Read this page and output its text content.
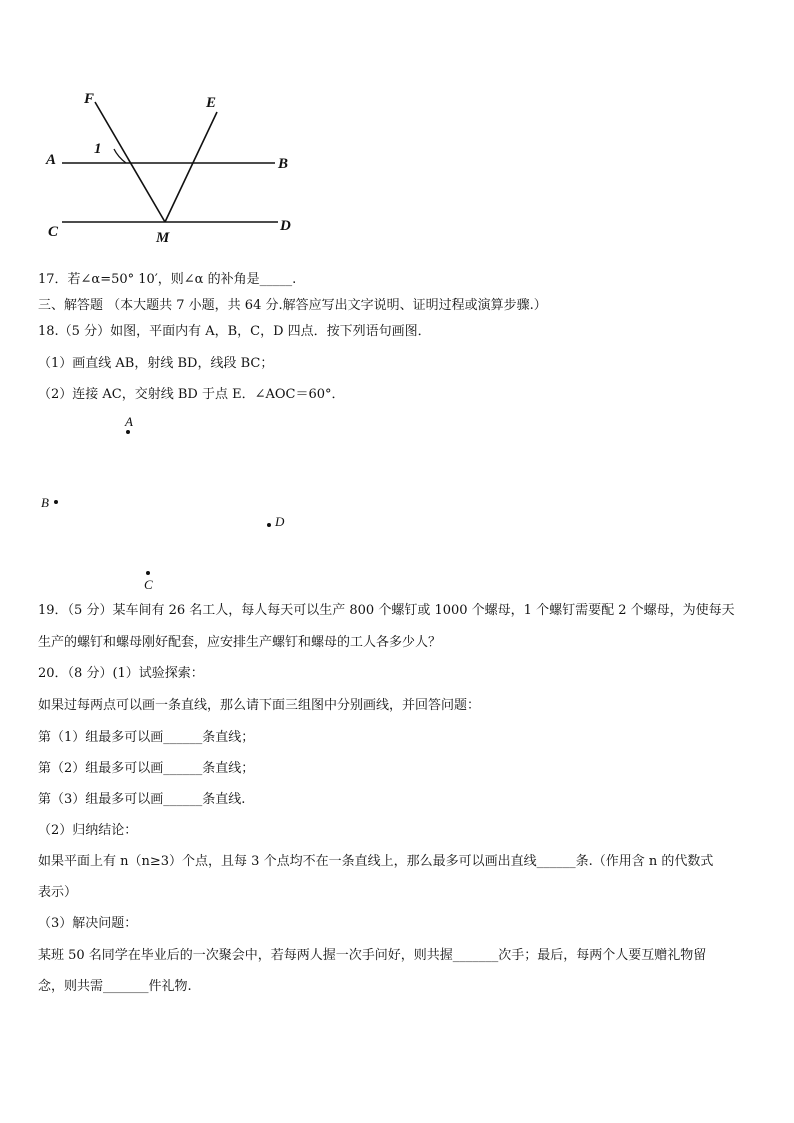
F	E
A	B
C	D
M
1
17．若∠α=50° 10′，则∠α 的补角是_____.
三、解答题 （本大题共 7 小题，共 64 分.解答应写出文字说明、证明过程或演算步骤.）
18.（5 分）如图，平面内有 A，B，C，D 四点．按下列语句画图．
（1）画直线 AB，射线 BD，线段 BC；
（2）连接 AC，交射线 BD 于点 E．∠AOC＝60°．
A
B
D
C
19．（5 分）某车间有 26 名工人，每人每天可以生产 800 个螺钉或 1000 个螺母，1 个螺钉需要配 2 个螺母，为使每天
生产的螺钉和螺母刚好配套，应安排生产螺钉和螺母的工人各多少人？
20．（8 分）(1）试验探索：
如果过每两点可以画一条直线，那么请下面三组图中分别画线，并回答问题：
第（1）组最多可以画______条直线；
第（2）组最多可以画______条直线；
第（3）组最多可以画______条直线.
（2）归纳结论：
如果平面上有 n（n≥3）个点，且每 3 个点均不在一条直线上，那么最多可以画出直线______条.（作用含 n 的代数式
表示）
（3）解决问题：
某班 50 名同学在毕业后的一次聚会中，若每两人握一次手问好，则共握_______次手；最后，每两个人要互赠礼物留
念，则共需_______件礼物.
